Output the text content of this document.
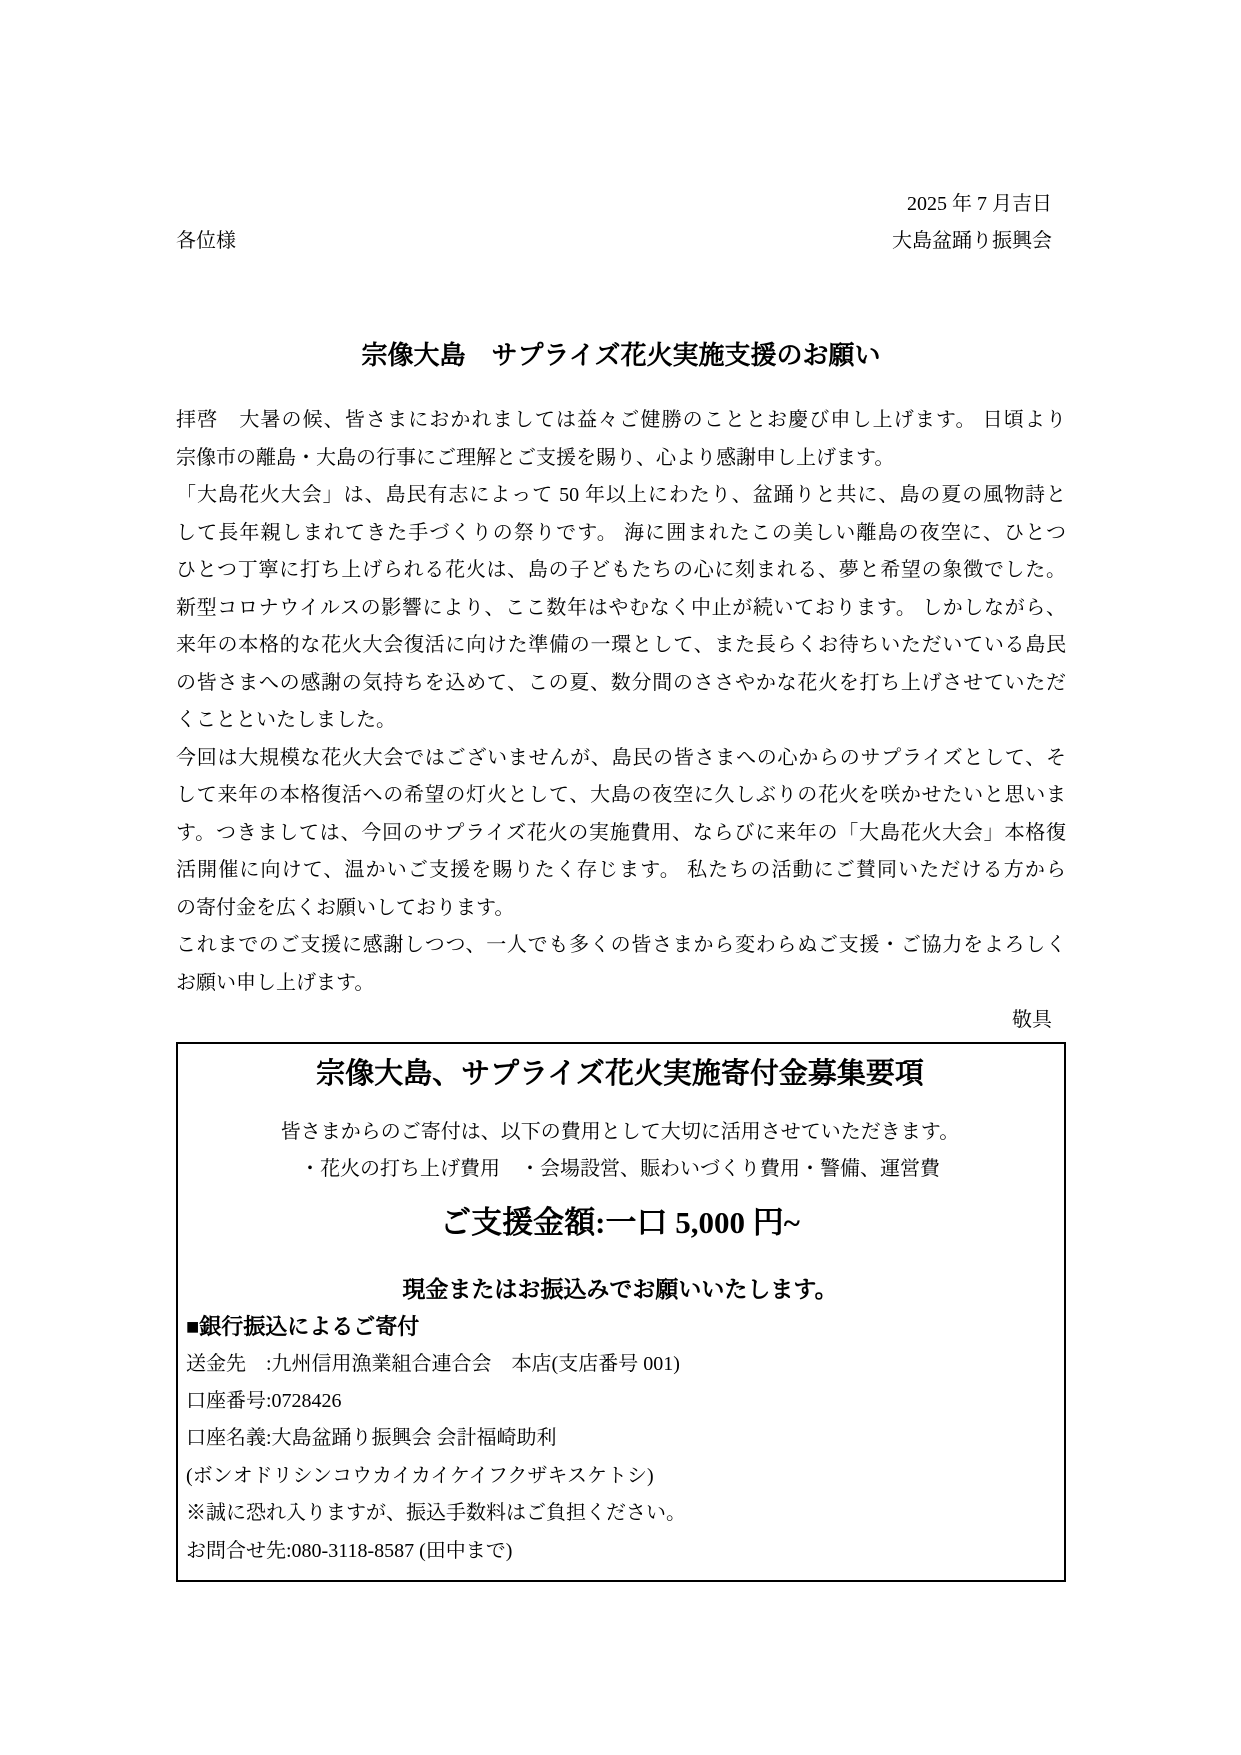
2025 年 7 月吉日
各位様	大島盆踊り振興会
宗像大島　サプライズ花火実施支援のお願い
拝啓　大暑の候、皆さまにおかれましては益々ご健勝のこととお慶び申し上げます。 日頃より
宗像市の離島・大島の行事にご理解とご支援を賜り、心より感謝申し上げます。
「大島花火大会」は、島民有志によって 50 年以上にわたり、盆踊りと共に、島の夏の風物詩と
して長年親しまれてきた手づくりの祭りです。 海に囲まれたこの美しい離島の夜空に、ひとつ
ひとつ丁寧に打ち上げられる花火は、島の子どもたちの心に刻まれる、夢と希望の象徴でした。
新型コロナウイルスの影響により、ここ数年はやむなく中止が続いております。 しかしながら、
来年の本格的な花火大会復活に向けた準備の一環として、また長らくお待ちいただいている島民
の皆さまへの感謝の気持ちを込めて、この夏、数分間のささやかな花火を打ち上げさせていただ
くことといたしました。
今回は大規模な花火大会ではございませんが、島民の皆さまへの心からのサプライズとして、そ
して来年の本格復活への希望の灯火として、大島の夜空に久しぶりの花火を咲かせたいと思いま
す。つきましては、今回のサプライズ花火の実施費用、ならびに来年の「大島花火大会」本格復
活開催に向けて、温かいご支援を賜りたく存じます。 私たちの活動にご賛同いただける方から
の寄付金を広くお願いしております。
これまでのご支援に感謝しつつ、一人でも多くの皆さまから変わらぬご支援・ご協力をよろしく
お願い申し上げます。
敬具
宗像大島、サプライズ花火実施寄付金募集要項
皆さまからのご寄付は、以下の費用として大切に活用させていただきます。
・花火の打ち上げ費用　・会場設営、賑わいづくり費用・警備、運営費
ご支援金額:一口 5,000 円~
現金またはお振込みでお願いいたします。
■銀行振込によるご寄付
送金先　:九州信用漁業組合連合会　本店(支店番号 001)
口座番号:0728426
口座名義:大島盆踊り振興会 会計福崎助利
(ボンオドリシンコウカイカイケイフクザキスケトシ)
※誠に恐れ入りますが、振込手数料はご負担ください。
お問合せ先:080-3118-8587 (田中まで)
